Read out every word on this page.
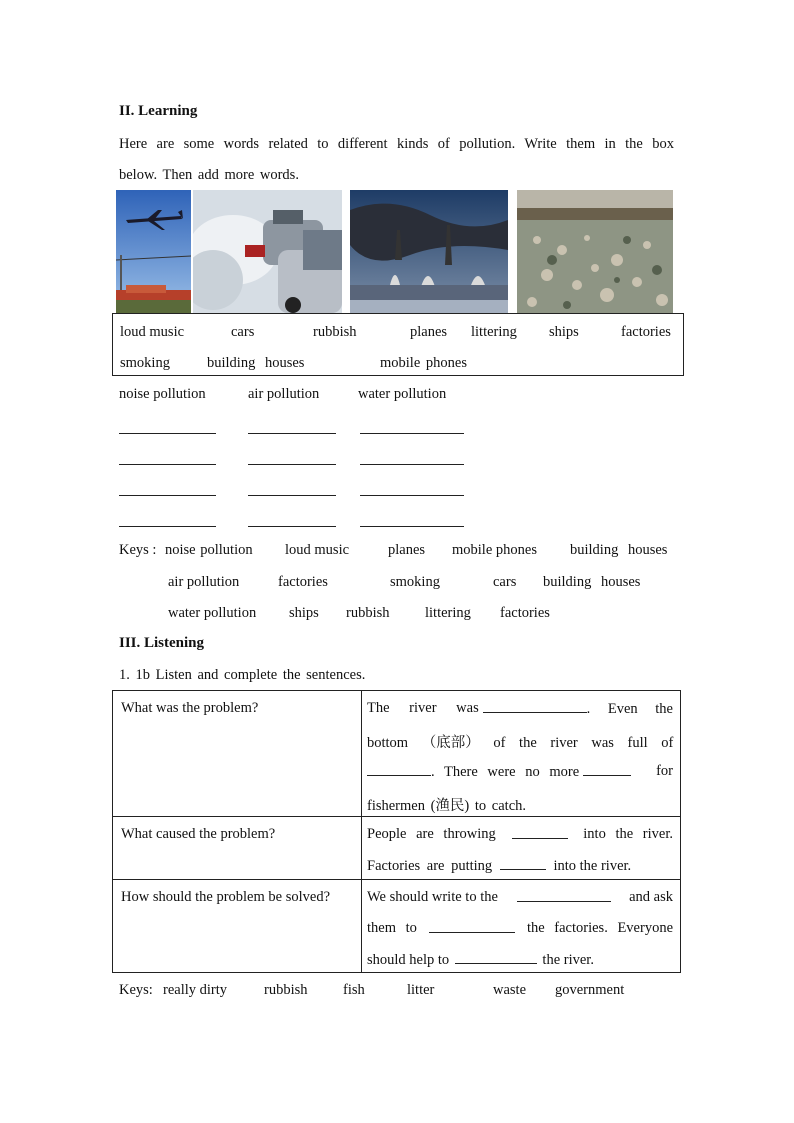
II. Learning
Here are some words related to different kinds of pollution. Write them in the box
below. Then add more words.
loud music	cars	rubbish	planes littering ships	factories
smoking	building houses	mobile phones
noise pollution	air pollution	water pollution
Keys : noise pollution loud music	planes mobile phones building houses
air pollution	factories	smoking	cars building houses
water pollution ships rubbish littering factories
III. Listening
1. 1b Listen and complete the sentences.
What was the problem?	The river was	. Even the
bottom （底部） of the river was full of
. There were no more	for
fishermen (渔民) to catch.
What caused the problem?	People are throwing	into the river.
Factories are putting	into the river.
How should the problem be solved?	We should write to the	and ask
them to	the factories. Everyone
should help to	the river.
Keys: really dirty	rubbish fish	litter	waste government
